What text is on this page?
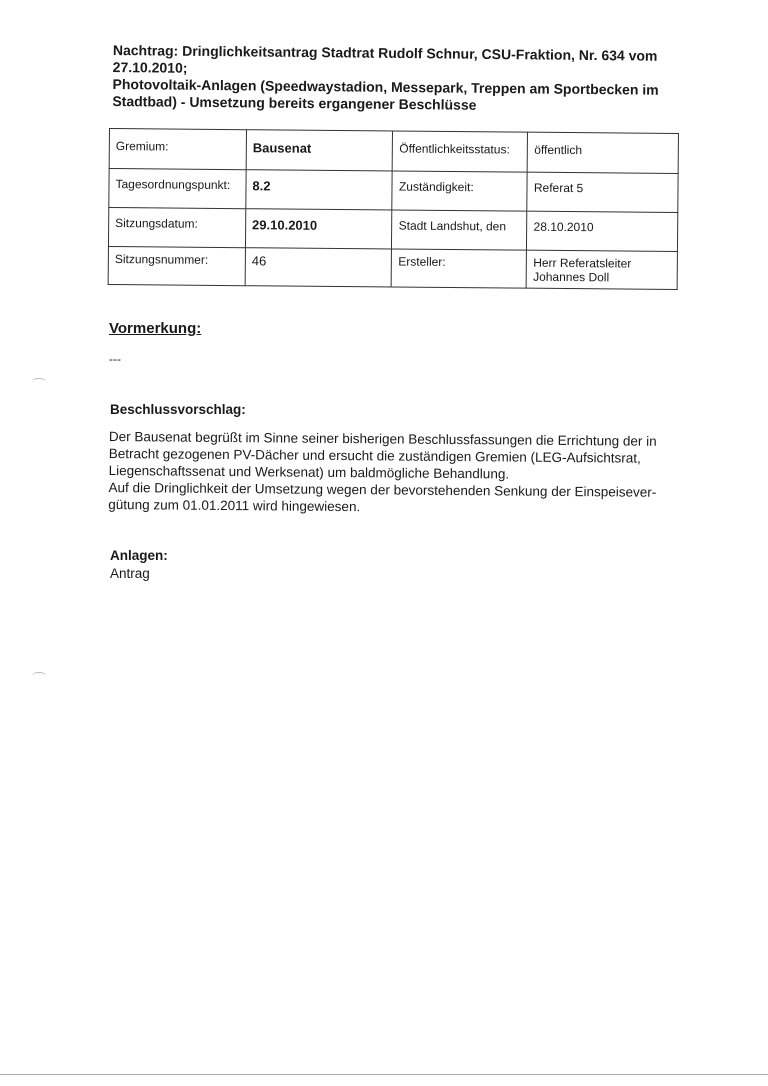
Nachtrag: Dringlichkeitsantrag Stadtrat Rudolf Schnur, CSU-Fraktion, Nr. 634 vom
27.10.2010;
Photovoltaik-Anlagen (Speedwaystadion, Messepark, Treppen am Sportbecken im
Stadtbad) - Umsetzung bereits ergangener Beschlüsse
Gremium:	Bausenat	Öffentlichkeitsstatus:	öffentlich
Tagesordnungspunkt:	8.2	Zuständigkeit:	Referat 5
Sitzungsdatum:	29.10.2010	Stadt Landshut, den	28.10.2010
Sitzungsnummer:	46	Ersteller:	Herr Referatsleiter
Johannes Doll
Vormerkung:
---
Beschlussvorschlag:
Der Bausenat begrüßt im Sinne seiner bisherigen Beschlussfassungen die Errichtung der in
Betracht gezogenen PV-Dächer und ersucht die zuständigen Gremien (LEG-Aufsichtsrat,
Liegenschaftssenat und Werksenat) um baldmögliche Behandlung.
Auf die Dringlichkeit der Umsetzung wegen der bevorstehenden Senkung der Einspeisever-
gütung zum 01.01.2011 wird hingewiesen.
Anlagen:
Antrag
